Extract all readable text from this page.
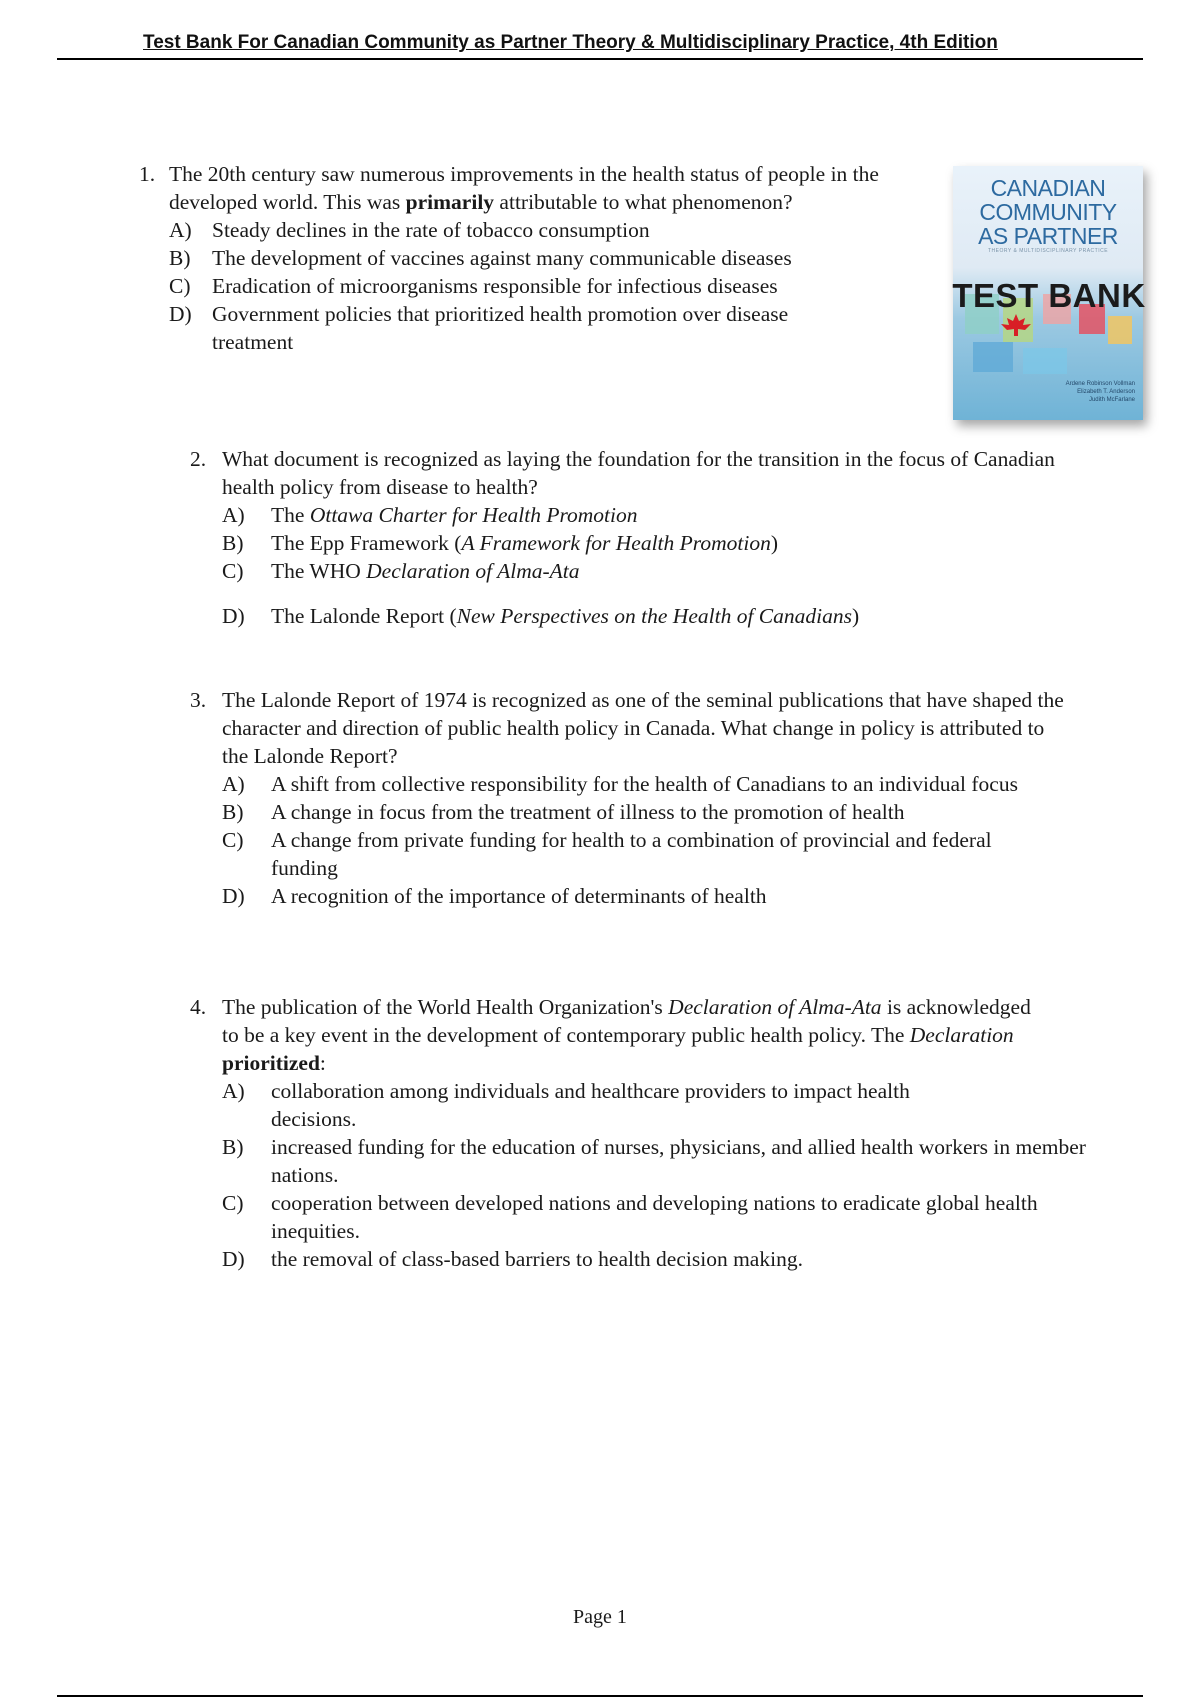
Test Bank For Canadian Community as Partner Theory & Multidisciplinary Practice, 4th Edition
CANADIAN
COMMUNITY
AS PARTNER
THEORY & MULTIDISCIPLINARY PRACTICE
Ardene Robinson Vollman
Elizabeth T. Anderson
Judith McFarlane
TEST BANK
1. The 20th century saw numerous improvements in the health status of people in the developed world. This was primarily attributable to what phenomenon?
A) Steady declines in the rate of tobacco consumption
B)	The development of vaccines against many communicable diseases
C)	Eradication of microorganisms responsible for infectious diseases
D) Government policies that prioritized health promotion over disease treatment
2. What document is recognized as laying the foundation for the transition in the focus of Canadian health policy from disease to health?
A)	The Ottawa Charter for Health Promotion
B)	The Epp Framework (A Framework for Health Promotion)
C)	The WHO Declaration of Alma-Ata
D)	The Lalonde Report (New Perspectives on the Health of Canadians)
3. The Lalonde Report of 1974 is recognized as one of the seminal publications that have shaped the character and direction of public health policy in Canada. What change in policy is attributed to the Lalonde Report?
A)	A shift from collective responsibility for the health of Canadians to an individual focus
B)	A change in focus from the treatment of illness to the promotion of health
C)	A change from private funding for health to a combination of provincial and federal funding
D)	A recognition of the importance of determinants of health
4. The publication of the World Health Organization's Declaration of Alma-Ata is acknowledged to be a key event in the development of contemporary public health policy. The Declaration prioritized:
A)	collaboration among individuals and healthcare providers to impact health decisions.
B)	increased funding for the education of nurses, physicians, and allied health workers in member nations.
C)	cooperation between developed nations and developing nations to eradicate global health inequities.
D)	the removal of class-based barriers to health decision making.
Page 1
